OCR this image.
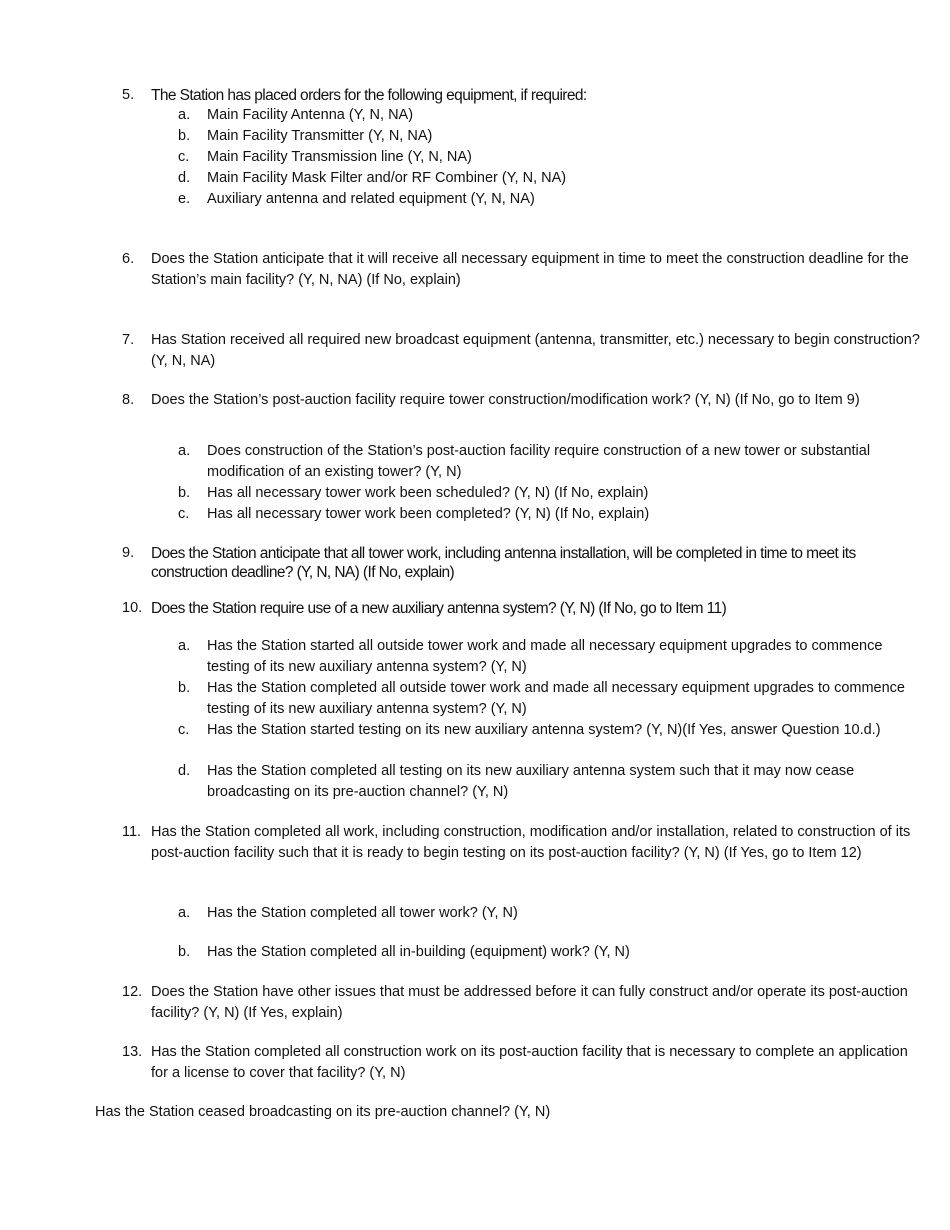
5. The Station has placed orders for the following equipment, if required:
a. Main Facility Antenna (Y, N, NA)
b. Main Facility Transmitter (Y, N, NA)
c. Main Facility Transmission line (Y, N, NA)
d. Main Facility Mask Filter and/or RF Combiner (Y, N, NA)
e. Auxiliary antenna and related equipment (Y, N, NA)
6. Does the Station anticipate that it will receive all necessary equipment in time to meet the construction deadline for the Station’s main facility? (Y, N, NA) (If No, explain)
7. Has Station received all required new broadcast equipment (antenna, transmitter, etc.) necessary to begin construction? (Y, N, NA)
8. Does the Station’s post-auction facility require tower construction/modification work? (Y, N) (If No, go to Item 9)
a. Does construction of the Station’s post-auction facility require construction of a new tower or substantial modification of an existing tower? (Y, N)
b. Has all necessary tower work been scheduled? (Y, N) (If No, explain)
c. Has all necessary tower work been completed? (Y, N) (If No, explain)
9. Does the Station anticipate that all tower work, including antenna installation, will be completed in time to meet its construction deadline? (Y, N, NA) (If No, explain)
10. Does the Station require use of a new auxiliary antenna system? (Y, N) (If No, go to Item 11)
a. Has the Station started all outside tower work and made all necessary equipment upgrades to commence testing of its new auxiliary antenna system? (Y, N)
b. Has the Station completed all outside tower work and made all necessary equipment upgrades to commence testing of its new auxiliary antenna system? (Y, N)
c. Has the Station started testing on its new auxiliary antenna system? (Y, N)(If Yes, answer Question 10.d.)
d. Has the Station completed all testing on its new auxiliary antenna system such that it may now cease broadcasting on its pre-auction channel? (Y, N)
11. Has the Station completed all work, including construction, modification and/or installation, related to construction of its post-auction facility such that it is ready to begin testing on its post-auction facility? (Y, N) (If Yes, go to Item 12)
a. Has the Station completed all tower work? (Y, N)
b. Has the Station completed all in-building (equipment) work? (Y, N)
12. Does the Station have other issues that must be addressed before it can fully construct and/or operate its post-auction facility? (Y, N) (If Yes, explain)
13. Has the Station completed all construction work on its post-auction facility that is necessary to complete an application for a license to cover that facility? (Y, N)
Has the Station ceased broadcasting on its pre-auction channel? (Y, N)
